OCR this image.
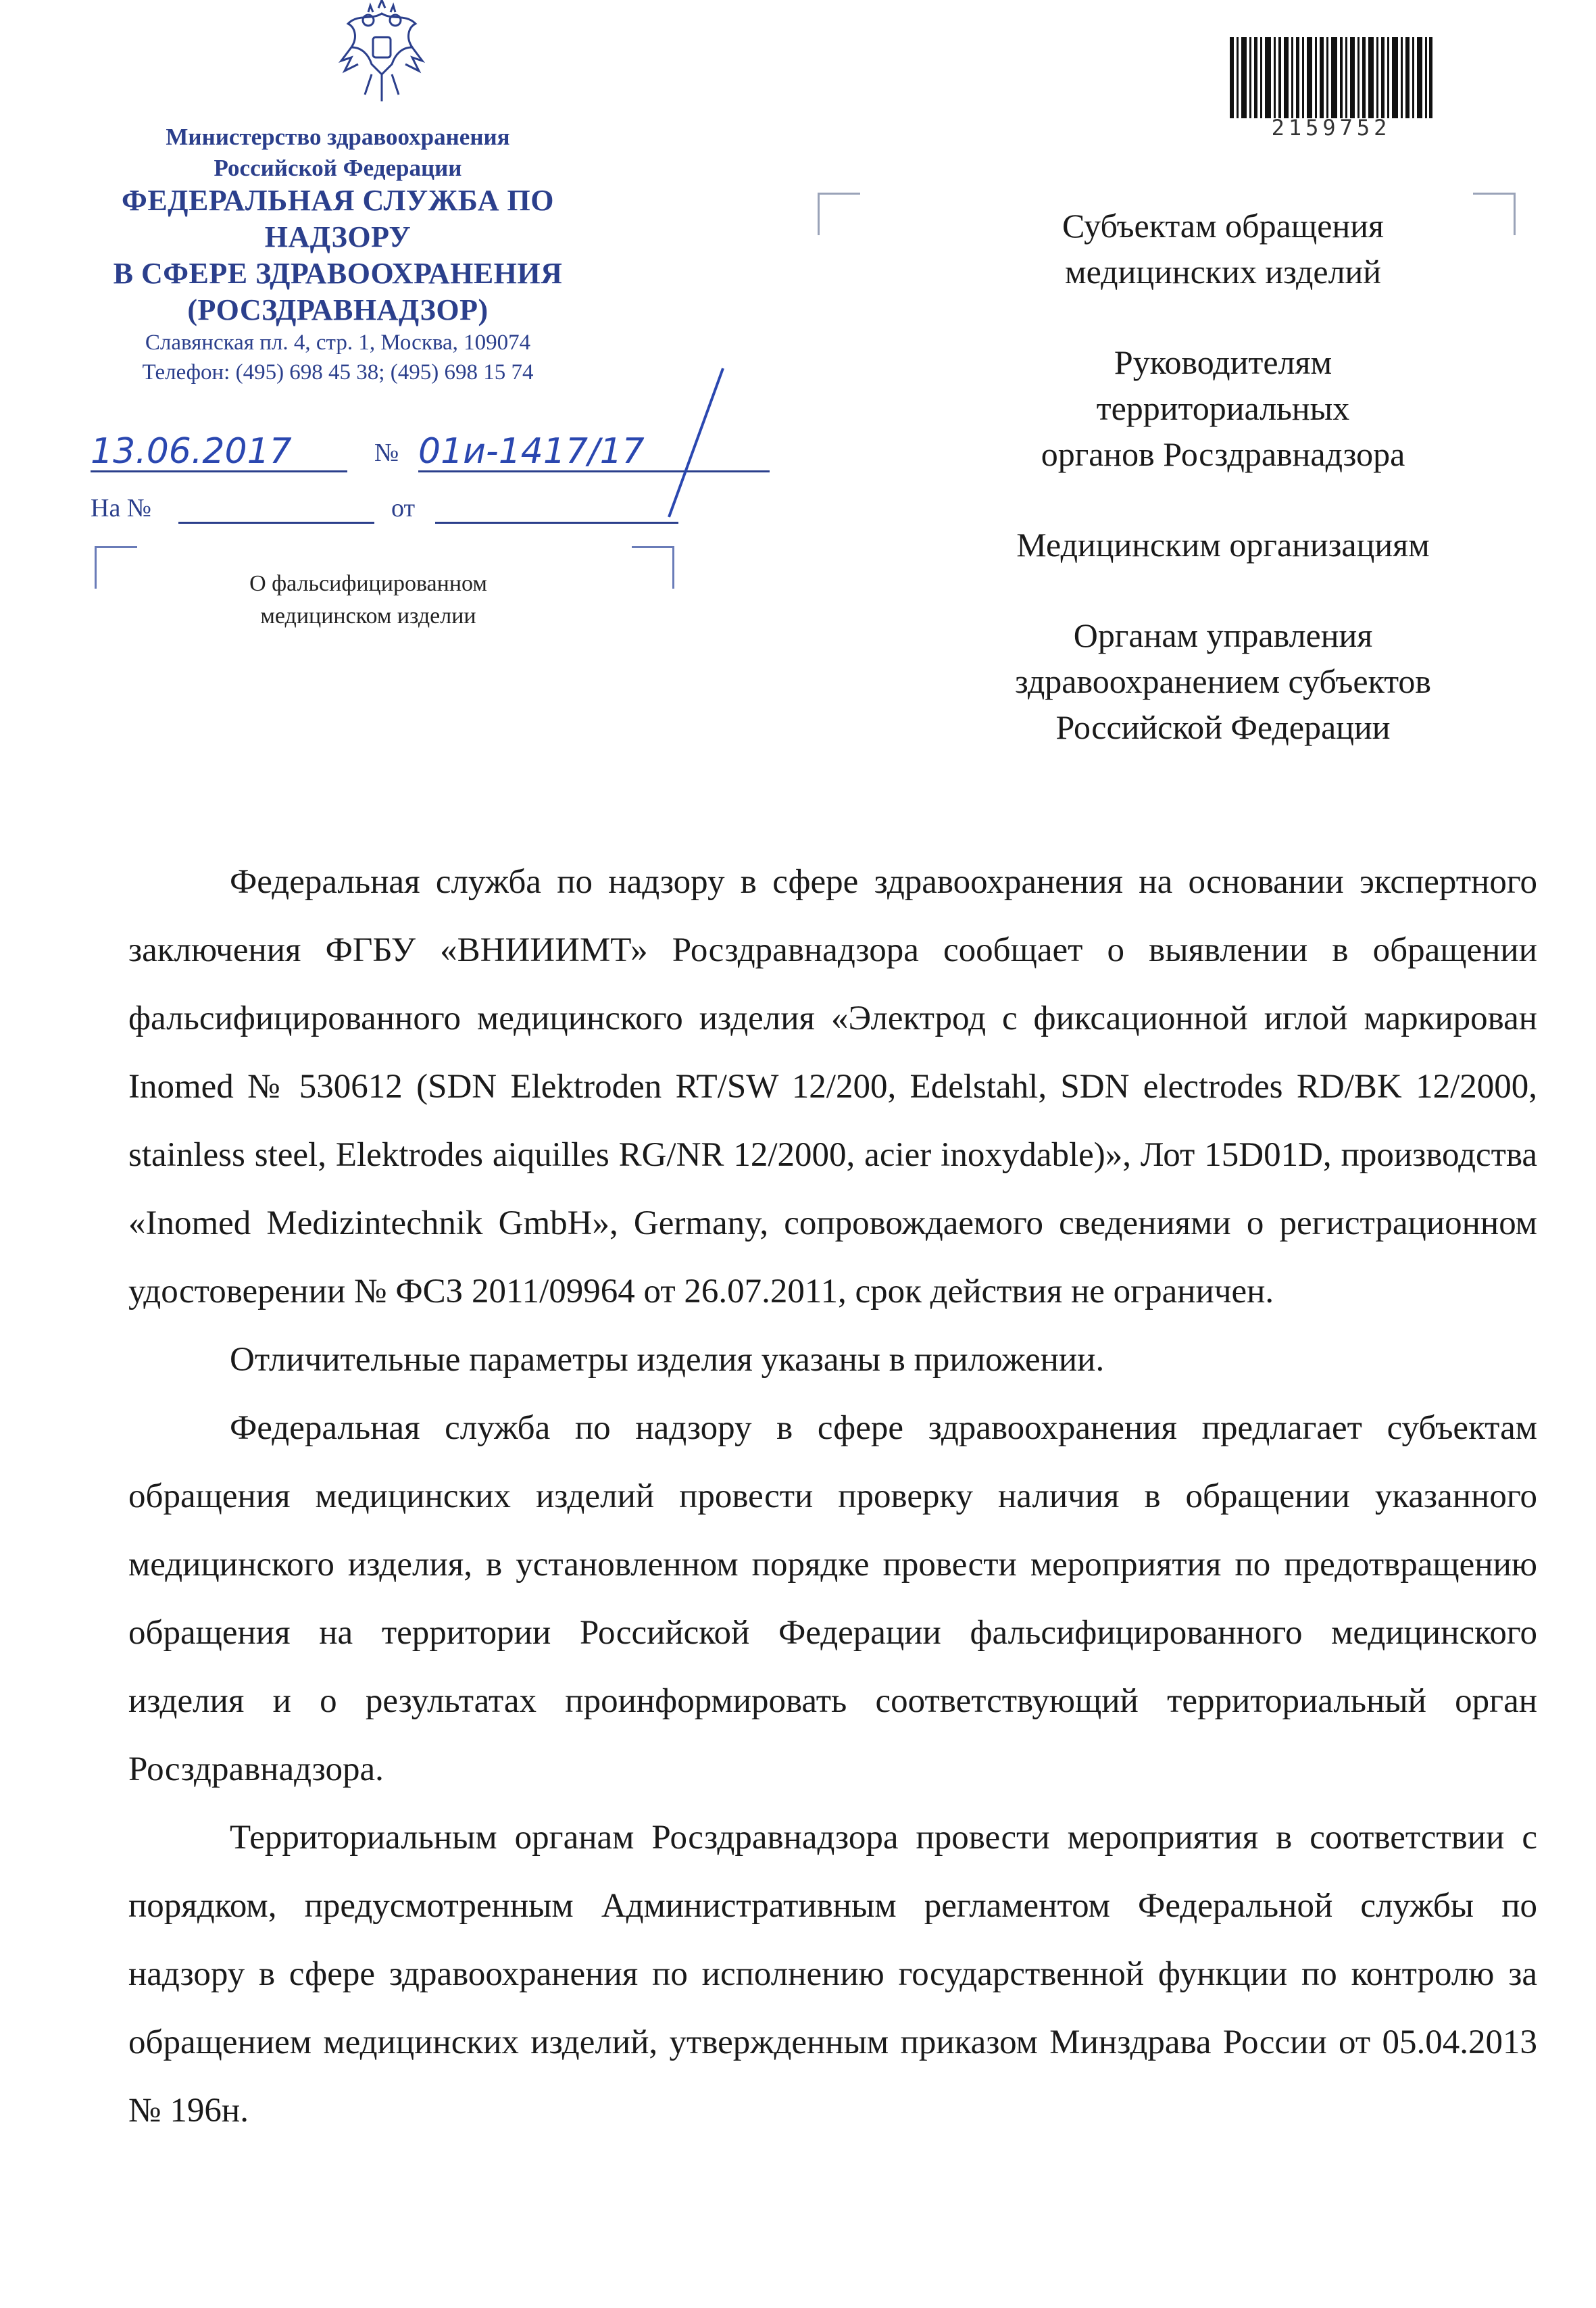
Министерство здравоохранения
Российской Федерации
ФЕДЕРАЛЬНАЯ СЛУЖБА ПО НАДЗОРУ
В СФЕРЕ ЗДРАВООХРАНЕНИЯ
(РОСЗДРАВНАДЗОР)
Славянская пл. 4, стр. 1, Москва, 109074
Телефон: (495) 698 45 38; (495) 698 15 74
13.06.2017	№ 01и-1417/17
На №	от
О фальсифицированном
медицинском изделии
2159752
Субъектам обращения
медицинских изделий
Руководителям
территориальных
органов Росздравнадзора
Медицинским организациям
Органам управления
здравоохранением субъектов
Российской Федерации

Федеральная служба по надзору в сфере здравоохранения на основании экспертного заключения ФГБУ «ВНИИИМТ» Росздравнадзора сообщает о выявлении в обращении фальсифицированного медицинского изделия «Электрод с фиксационной иглой маркирован Inomed № 530612 (SDN Elektroden RT/SW 12/200, Edelstahl, SDN electrodes RD/BK 12/2000, stainless steel, Elektrodes aiquilles RG/NR 12/2000, acier inoxydable)», Лот 15D01D, производства «Inomed Medizintechnik GmbH», Germany, сопровождаемого сведениями о регистрационном удостоверении № ФСЗ 2011/09964 от 26.07.2011, срок действия не ограничен.

Отличительные параметры изделия указаны в приложении.

Федеральная служба по надзору в сфере здравоохранения предлагает субъектам обращения медицинских изделий провести проверку наличия в обращении указанного медицинского изделия, в установленном порядке провести мероприятия по предотвращению обращения на территории Российской Федерации фальсифицированного медицинского изделия и о результатах проинформировать соответствующий территориальный орган Росздравнадзора.

Территориальным органам Росздравнадзора провести мероприятия в соответствии с порядком, предусмотренным Административным регламентом Федеральной службы по надзору в сфере здравоохранения по исполнению государственной функции по контролю за обращением медицинских изделий, утвержденным приказом Минздрава России от 05.04.2013 № 196н.
